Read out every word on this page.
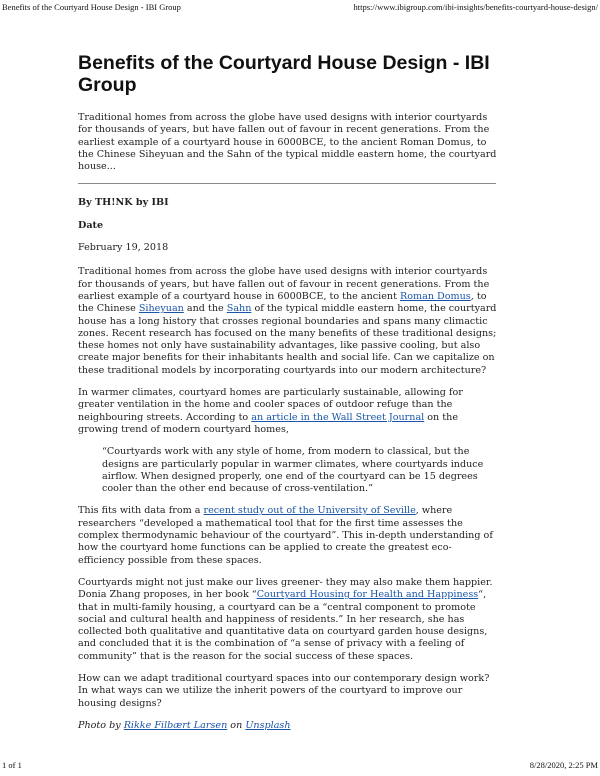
Benefits of the Courtyard House Design - IBI Group	https://www.ibigroup.com/ibi-insights/benefits-courtyard-house-design/
Benefits of the Courtyard House Design - IBI Group

Traditional homes from across the globe have used designs with interior courtyards for thousands of years, but have fallen out of favour in recent generations. From the earliest example of a courtyard house in 6000BCE, to the ancient Roman Domus, to the Chinese Siheyuan and the Sahn of the typical middle eastern home, the courtyard house...

By TH!NK by IBI

Date

February 19, 2018

Traditional homes from across the globe have used designs with interior courtyards for thousands of years, but have fallen out of favour in recent generations. From the earliest example of a courtyard house in 6000BCE, to the ancient Roman Domus, to the Chinese Siheyuan and the Sahn of the typical middle eastern home, the courtyard house has a long history that crosses regional boundaries and spans many climactic zones. Recent research has focused on the many benefits of these traditional designs; these homes not only have sustainability advantages, like passive cooling, but also create major benefits for their inhabitants health and social life. Can we capitalize on these traditional models by incorporating courtyards into our modern architecture?

In warmer climates, courtyard homes are particularly sustainable, allowing for greater ventilation in the home and cooler spaces of outdoor refuge than the neighbouring streets. According to an article in the Wall Street Journal on the growing trend of modern courtyard homes,

“Courtyards work with any style of home, from modern to classical, but the designs are particularly popular in warmer climates, where courtyards induce airflow. When designed properly, one end of the courtyard can be 15 degrees cooler than the other end because of cross-ventilation.”

This fits with data from a recent study out of the University of Seville, where researchers “developed a mathematical tool that for the first time assesses the complex thermodynamic behaviour of the courtyard”. This in-depth understanding of how the courtyard home functions can be applied to create the greatest eco-efficiency possible from these spaces.

Courtyards might not just make our lives greener- they may also make them happier. Donia Zhang proposes, in her book “Courtyard Housing for Health and Happiness“, that in multi-family housing, a courtyard can be a “central component to promote social and cultural health and happiness of residents.” In her research, she has collected both qualitative and quantitative data on courtyard garden house designs, and concluded that it is the combination of “a sense of privacy with a feeling of community” that is the reason for the social success of these spaces.

How can we adapt traditional courtyard spaces into our contemporary design work? In what ways can we utilize the inherit powers of the courtyard to improve our housing designs?

Photo by Rikke Filbært Larsen on Unsplash

1 of 1	8/28/2020, 2:25 PM
